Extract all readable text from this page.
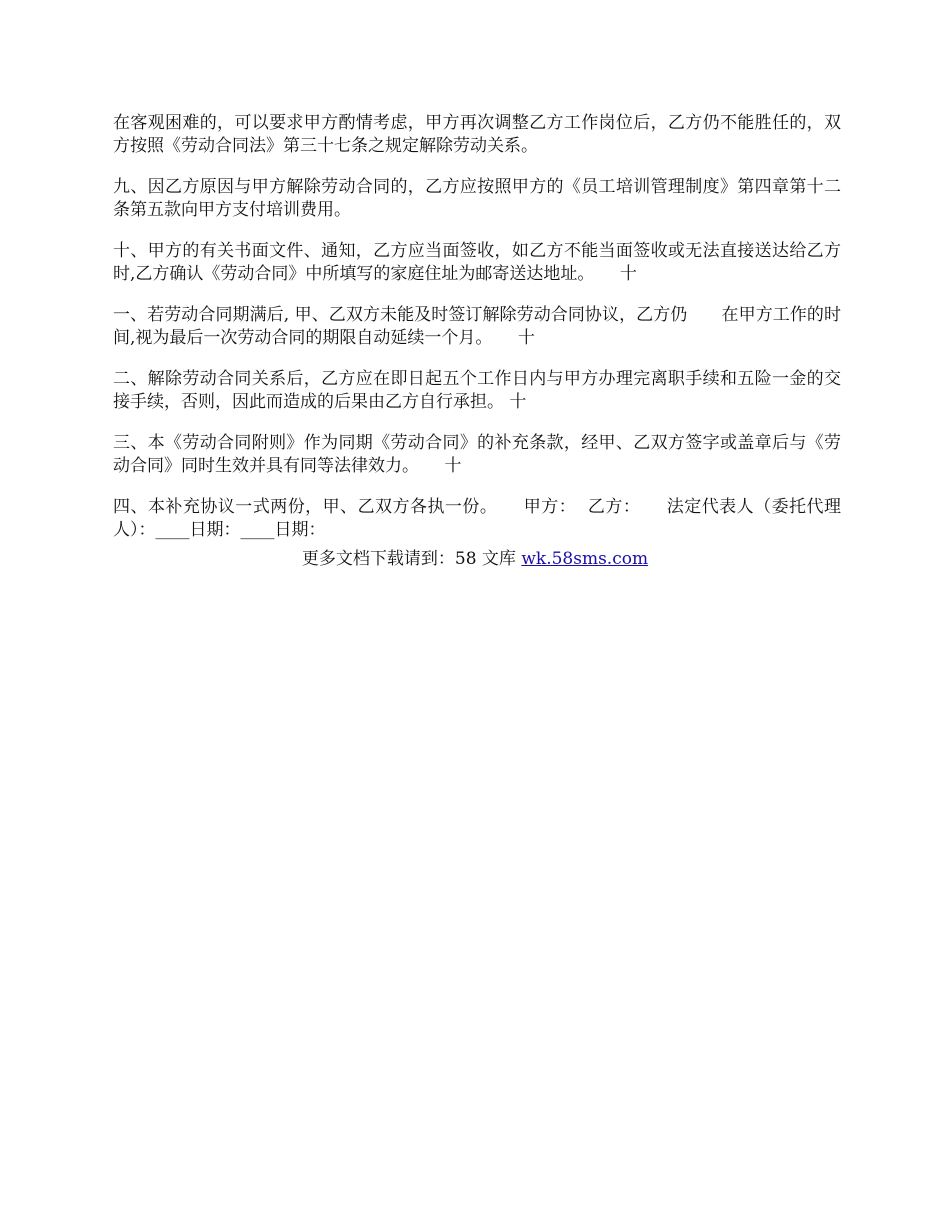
在客观困难的，可以要求甲方酌情考虑，甲方再次调整乙方工作岗位后，乙方仍不能胜任的，双方按照《劳动合同法》第三十七条之规定解除劳动关系。

九、因乙方原因与甲方解除劳动合同的，乙方应按照甲方的《员工培训管理制度》第四章第十二条第五款向甲方支付培训费用。

十、甲方的有关书面文件、通知，乙方应当面签收，如乙方不能当面签收或无法直接送达给乙方时,乙方确认《劳动合同》中所填写的家庭住址为邮寄送达地址。　　十

一、若劳动合同期满后, 甲、乙双方未能及时签订解除劳动合同协议，乙方仍　　在甲方工作的时间,视为最后一次劳动合同的期限自动延续一个月。　　十

二、解除劳动合同关系后，乙方应在即日起五个工作日内与甲方办理完离职手续和五险一金的交接手续，否则，因此而造成的后果由乙方自行承担。 十

三、本《劳动合同附则》作为同期《劳动合同》的补充条款，经甲、乙双方签字或盖章后与《劳动合同》同时生效并具有同等法律效力。　　十

四、本补充协议一式两份，甲、乙双方各执一份。　　甲方：  乙方：　　法定代表人（委托代理人）：____日期：____日期：

更多文档下载请到：58 文库 wk.58sms.com
